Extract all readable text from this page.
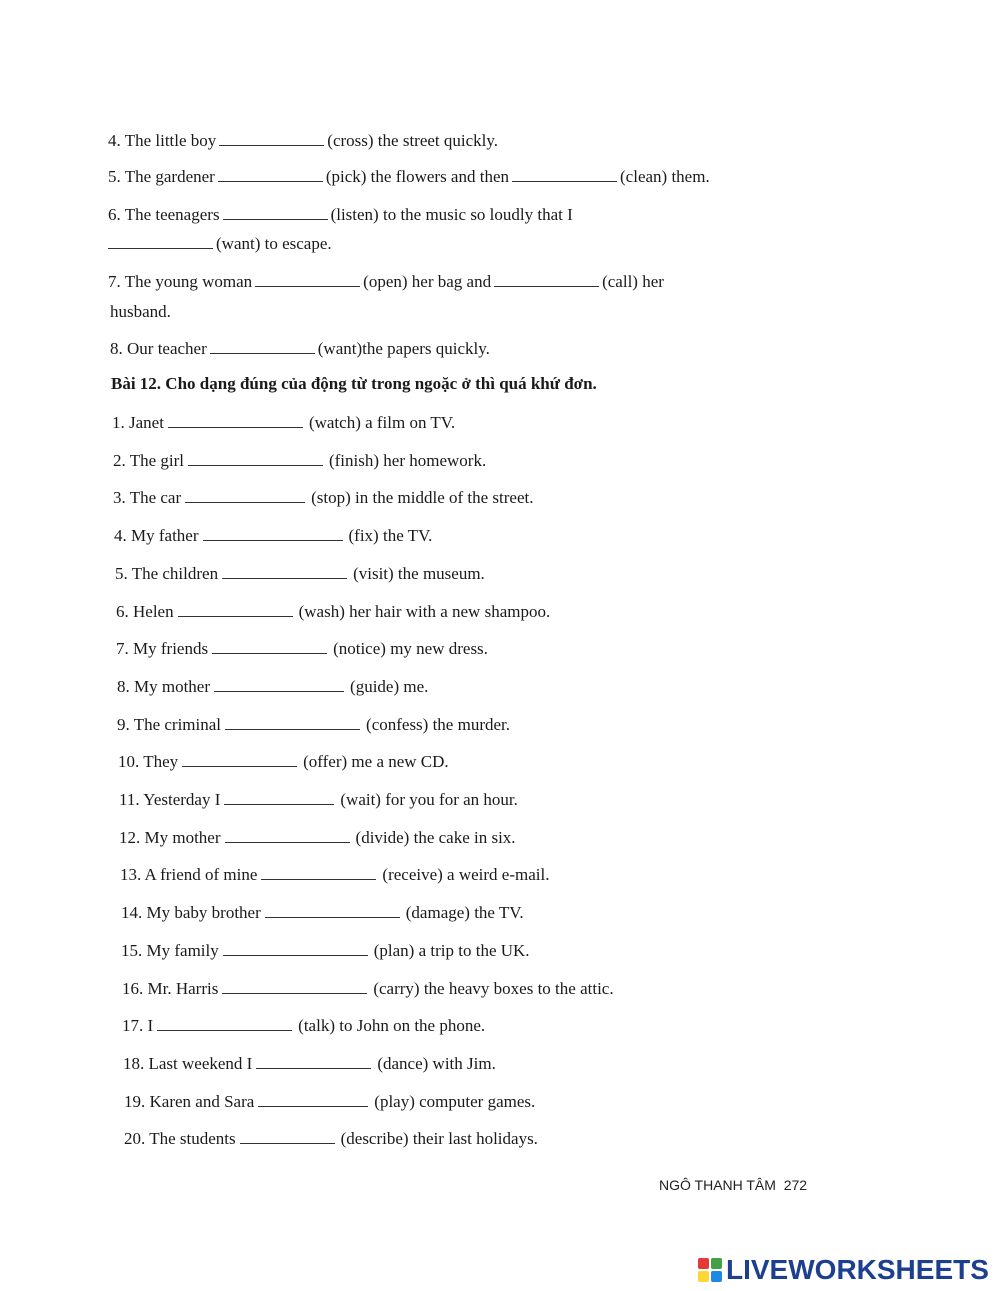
4. The little boy	(cross) the street quickly.
5. The gardener	(pick) the flowers and then	(clean) them.
6. The teenagers	(listen) to the music so loudly that I
(want) to escape.
7. The young woman	(open) her bag and	(call) her
husband.
8. Our teacher	(want)the papers quickly.
Bài 12. Cho dạng đúng của động từ trong ngoặc ở thì quá khứ đơn.
1. Janet	(watch) a film on TV.
2. The girl	(finish) her homework.
3. The car	(stop) in the middle of the street.
4. My father	(fix) the TV.
5. The children	(visit) the museum.
6. Helen	(wash) her hair with a new shampoo.
7. My friends	(notice) my new dress.
8. My mother	(guide) me.
9. The criminal	(confess) the murder.
10. They	(offer) me a new CD.
11. Yesterday I	(wait) for you for an hour.
12. My mother	(divide) the cake in six.
13. A friend of mine	(receive) a weird e-mail.
14. My baby brother	(damage) the TV.
15. My family	(plan) a trip to the UK.
16. Mr. Harris	(carry) the heavy boxes to the attic.
17. I	(talk) to John on the phone.
18. Last weekend I	(dance) with Jim.
19. Karen and Sara	(play) computer games.
20. The students	(describe) their last holidays.
NGÔ THANH TÂM 272
LIVEWORKSHEETS
